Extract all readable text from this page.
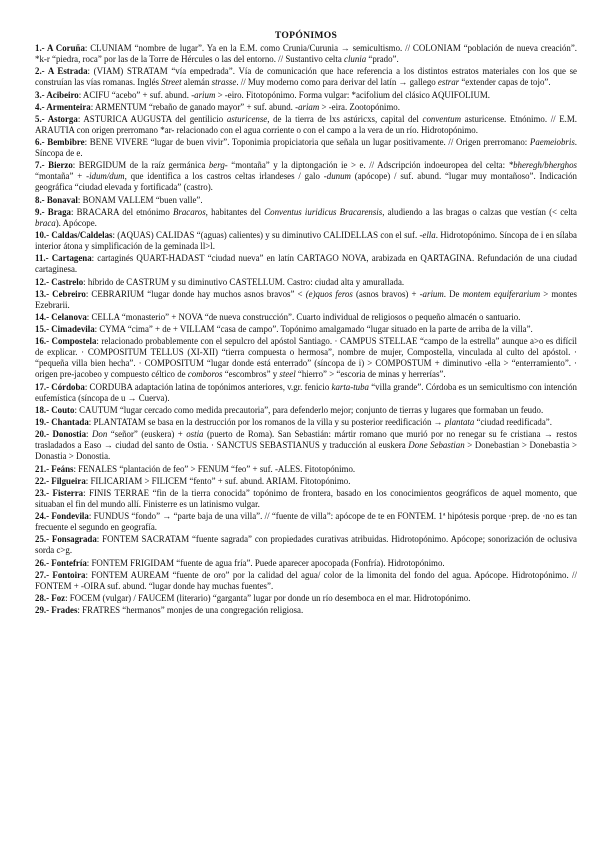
TOPÓNIMOS
1.- A Coruña: CLUNIAM “nombre de lugar”. Ya en la E.M. como Crunia/Curunia → semicultismo. // COLONIAM “población de nueva creación”. *k-r “piedra, roca” por las de la Torre de Hércules o las del entorno. // Sustantivo celta clunia “prado”.
2.- A Estrada: (VIAM) STRATAM “vía empedrada”. Vía de comunicación que hace referencia a los distintos estratos materiales con los que se construían las vías romanas. Inglés Street alemán strasse. // Muy moderno como para derivar del latín → gallego estrar “extender capas de tojo”.
3.- Acibeiro: ACIFU “acebo” + suf. abund. -arium > -eiro. Fitotopónimo. Forma vulgar: *acifolium del clásico AQUIFOLIUM.
4.- Armenteira: ARMENTUM “rebaño de ganado mayor” + suf. abund. -ariam > -eira. Zootopónimo.
5.- Astorga: ASTURICA AUGUSTA del gentilicio asturicense, de la tierra de lxs astúricxs, capital del conventum asturicense. Etnónimo. // E.M. ARAUTIA con origen prerromano *ar- relacionado con el agua corriente o con el campo a la vera de un río. Hidrotopónimo.
6.- Bembibre: BENE VIVERE “lugar de buen vivir”. Toponimia propiciatoria que señala un lugar positivamente. // Origen prerromano: Paemeiobris. Síncopa de e.
7.- Bierzo: BERGIDUM de la raíz germánica berg- “montaña” y la diptongación ie > e. // Adscripción indoeuropea del celta: *bheregh/bherghos “montaña” + -idum/dum, que identifica a los castros celtas irlandeses / galo -dunum (apócope) / suf. abund. “lugar muy montañoso”. Indicación geográfica “ciudad elevada y fortificada” (castro).
8.- Bonaval: BONAM VALLEM “buen valle”.
9.- Braga: BRACARA del etnónimo Bracaros, habitantes del Conventus iuridicus Bracarensis, aludiendo a las bragas o calzas que vestían (< celta braca). Apócope.
10.- Caldas/Caldelas: (AQUAS) CALIDAS “(aguas) calientes) y su diminutivo CALIDELLAS con el suf. -ella. Hidrotopónimo. Síncopa de i en sílaba interior átona y simplificación de la geminada ll>l.
11.- Cartagena: cartaginés QUART-HADAST “ciudad nueva” en latín CARTAGO NOVA, arabizada en QARTAGINA. Refundación de una ciudad cartaginesa.
12.- Castrelo: híbrido de CASTRUM y su diminutivo CASTELLUM. Castro: ciudad alta y amurallada.
13.- Cebreiro: CEBRARIUM “lugar donde hay muchos asnos bravos” < (e)quos feros (asnos bravos) + -arium. De montem equiferarium > montes Ezebrarii.
14.- Celanova: CELLA “monasterio” + NOVA “de nueva construcción”. Cuarto individual de religiosos o pequeño almacén o santuario.
15.- Cimadevila: CYMA “cima” + de + VILLAM “casa de campo”. Topónimo amalgamado “lugar situado en la parte de arriba de la villa”.
16.- Compostela: relacionado probablemente con el sepulcro del apóstol Santiago. · CAMPUS STELLAE “campo de la estrella” aunque a>o es difícil de explicar. · COMPOSITUM TELLUS (XI-XII) “tierra compuesta o hermosa”, nombre de mujer, Compostella, vinculada al culto del apóstol. · “pequeña villa bien hecha”. · COMPOSITUM “lugar donde está enterrado” (síncopa de i) > COMPOSTUM + diminutivo -ella > “enterramiento”. · origen pre-jacobeo y compuesto céltico de comboros “escombros” y steel “hierro” > “escoria de minas y herrerías”.
17.- Córdoba: CORDUBA adaptación latina de topónimos anteriores, v.gr. fenicio karta-tuba “villa grande”. Córdoba es un semicultismo con intención eufemística (síncopa de u → Cuerva).
18.- Couto: CAUTUM “lugar cercado como medida precautoria”, para defenderlo mejor; conjunto de tierras y lugares que formaban un feudo.
19.- Chantada: PLANTATAM se basa en la destrucción por los romanos de la villa y su posterior reedificación → plantata “ciudad reedificada”.
20.- Donostia: Don “señor” (euskera) + ostia (puerto de Roma). San Sebastián: mártir romano que murió por no renegar su fe cristiana → restos trasladados a Easo → ciudad del santo de Ostia. · SANCTUS SEBASTIANUS y traducción al euskera Done Sebastian > Donebastian > Donebastia > Donastia > Donostia.
21.- Feáns: FENALES “plantación de feo” > FENUM “feo” + suf. -ALES. Fitotopónimo.
22.- Filgueira: FILICARIAM > FILICEM “fento” + suf. abund. ARIAM. Fitotopónimo.
23.- Fisterra: FINIS TERRAE “fin de la tierra conocida” topónimo de frontera, basado en los conocimientos geográficos de aquel momento, que situaban el fin del mundo allí. Finisterre es un latinismo vulgar.
24.- Fondevila: FUNDUS “fondo” → “parte baja de una villa”. // “fuente de villa”: apócope de te en FONTEM. 1ª hipótesis porque ·prep. de ·no es tan frecuente el segundo en geografía.
25.- Fonsagrada: FONTEM SACRATAM “fuente sagrada” con propiedades curativas atribuidas. Hidrotopónimo. Apócope; sonorización de oclusiva sorda c>g.
26.- Fontefría: FONTEM FRIGIDAM “fuente de agua fría”. Puede aparecer apocopada (Fonfría). Hidrotopónimo.
27.- Fontoira: FONTEM AUREAM “fuente de oro” por la calidad del agua/ color de la limonita del fondo del agua. Apócope. Hidrotopónimo. // FONTEM + -OIRA suf. abund. “lugar donde hay muchas fuentes”.
28.- Foz: FOCEM (vulgar) / FAUCEM (literario) “garganta” lugar por donde un río desemboca en el mar. Hidrotopónimo.
29.- Frades: FRATRES “hermanos” monjes de una congregación religiosa.
